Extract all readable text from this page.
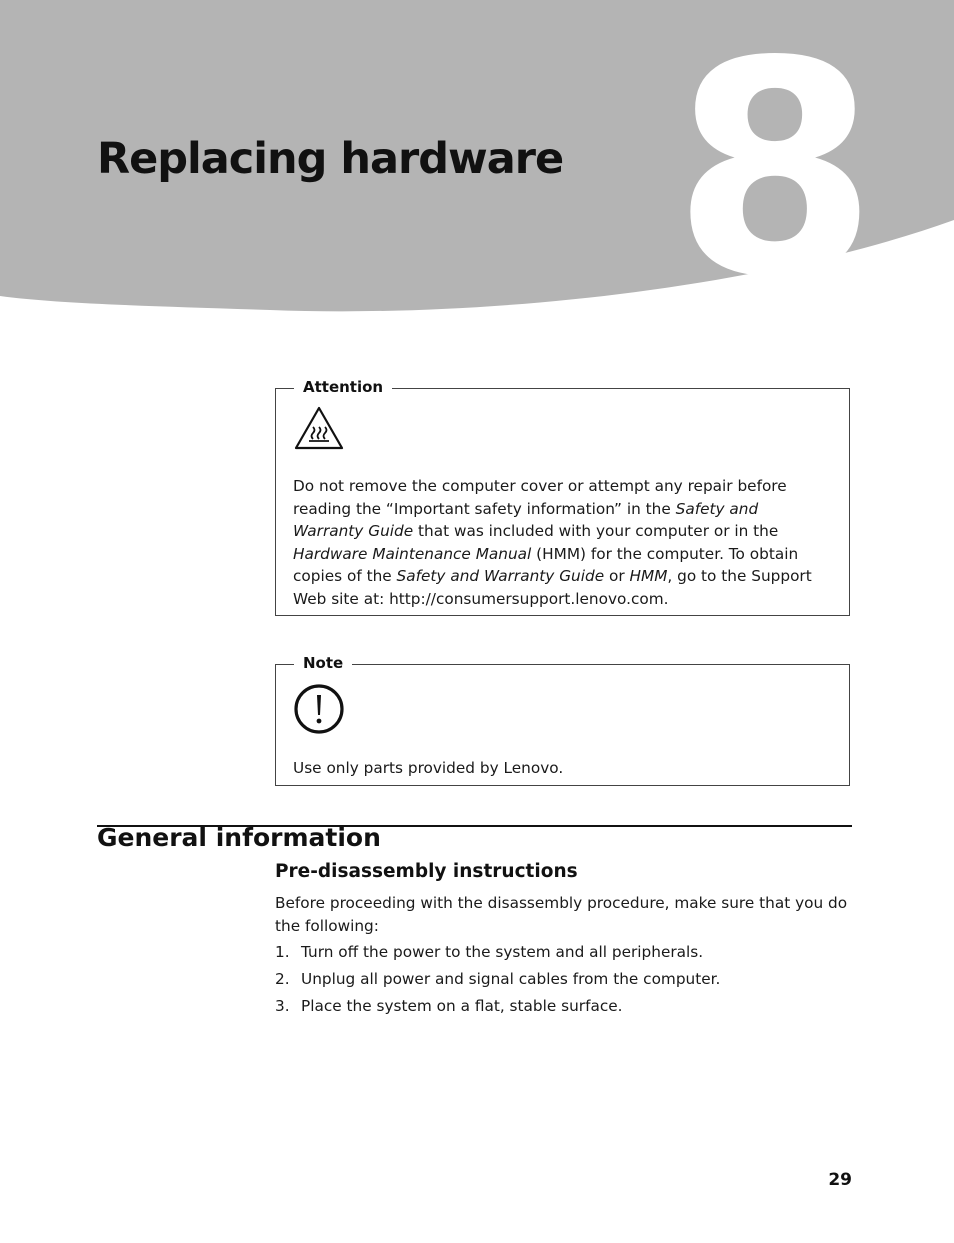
8
Replacing hardware
Attention
Do not remove the computer cover or attempt any repair before reading the “Important safety information” in the Safety and Warranty Guide that was included with your computer or in the Hardware Maintenance Manual (HMM) for the computer. To obtain copies of the Safety and Warranty Guide or HMM, go to the Support Web site at: http://consumersupport.lenovo.com.
Note
Use only parts provided by Lenovo.
General information
Pre-disassembly instructions
Before proceeding with the disassembly procedure, make sure that you do the following:
1. Turn off the power to the system and all peripherals.
2. Unplug all power and signal cables from the computer.
3. Place the system on a ﬂat, stable surface.
29
